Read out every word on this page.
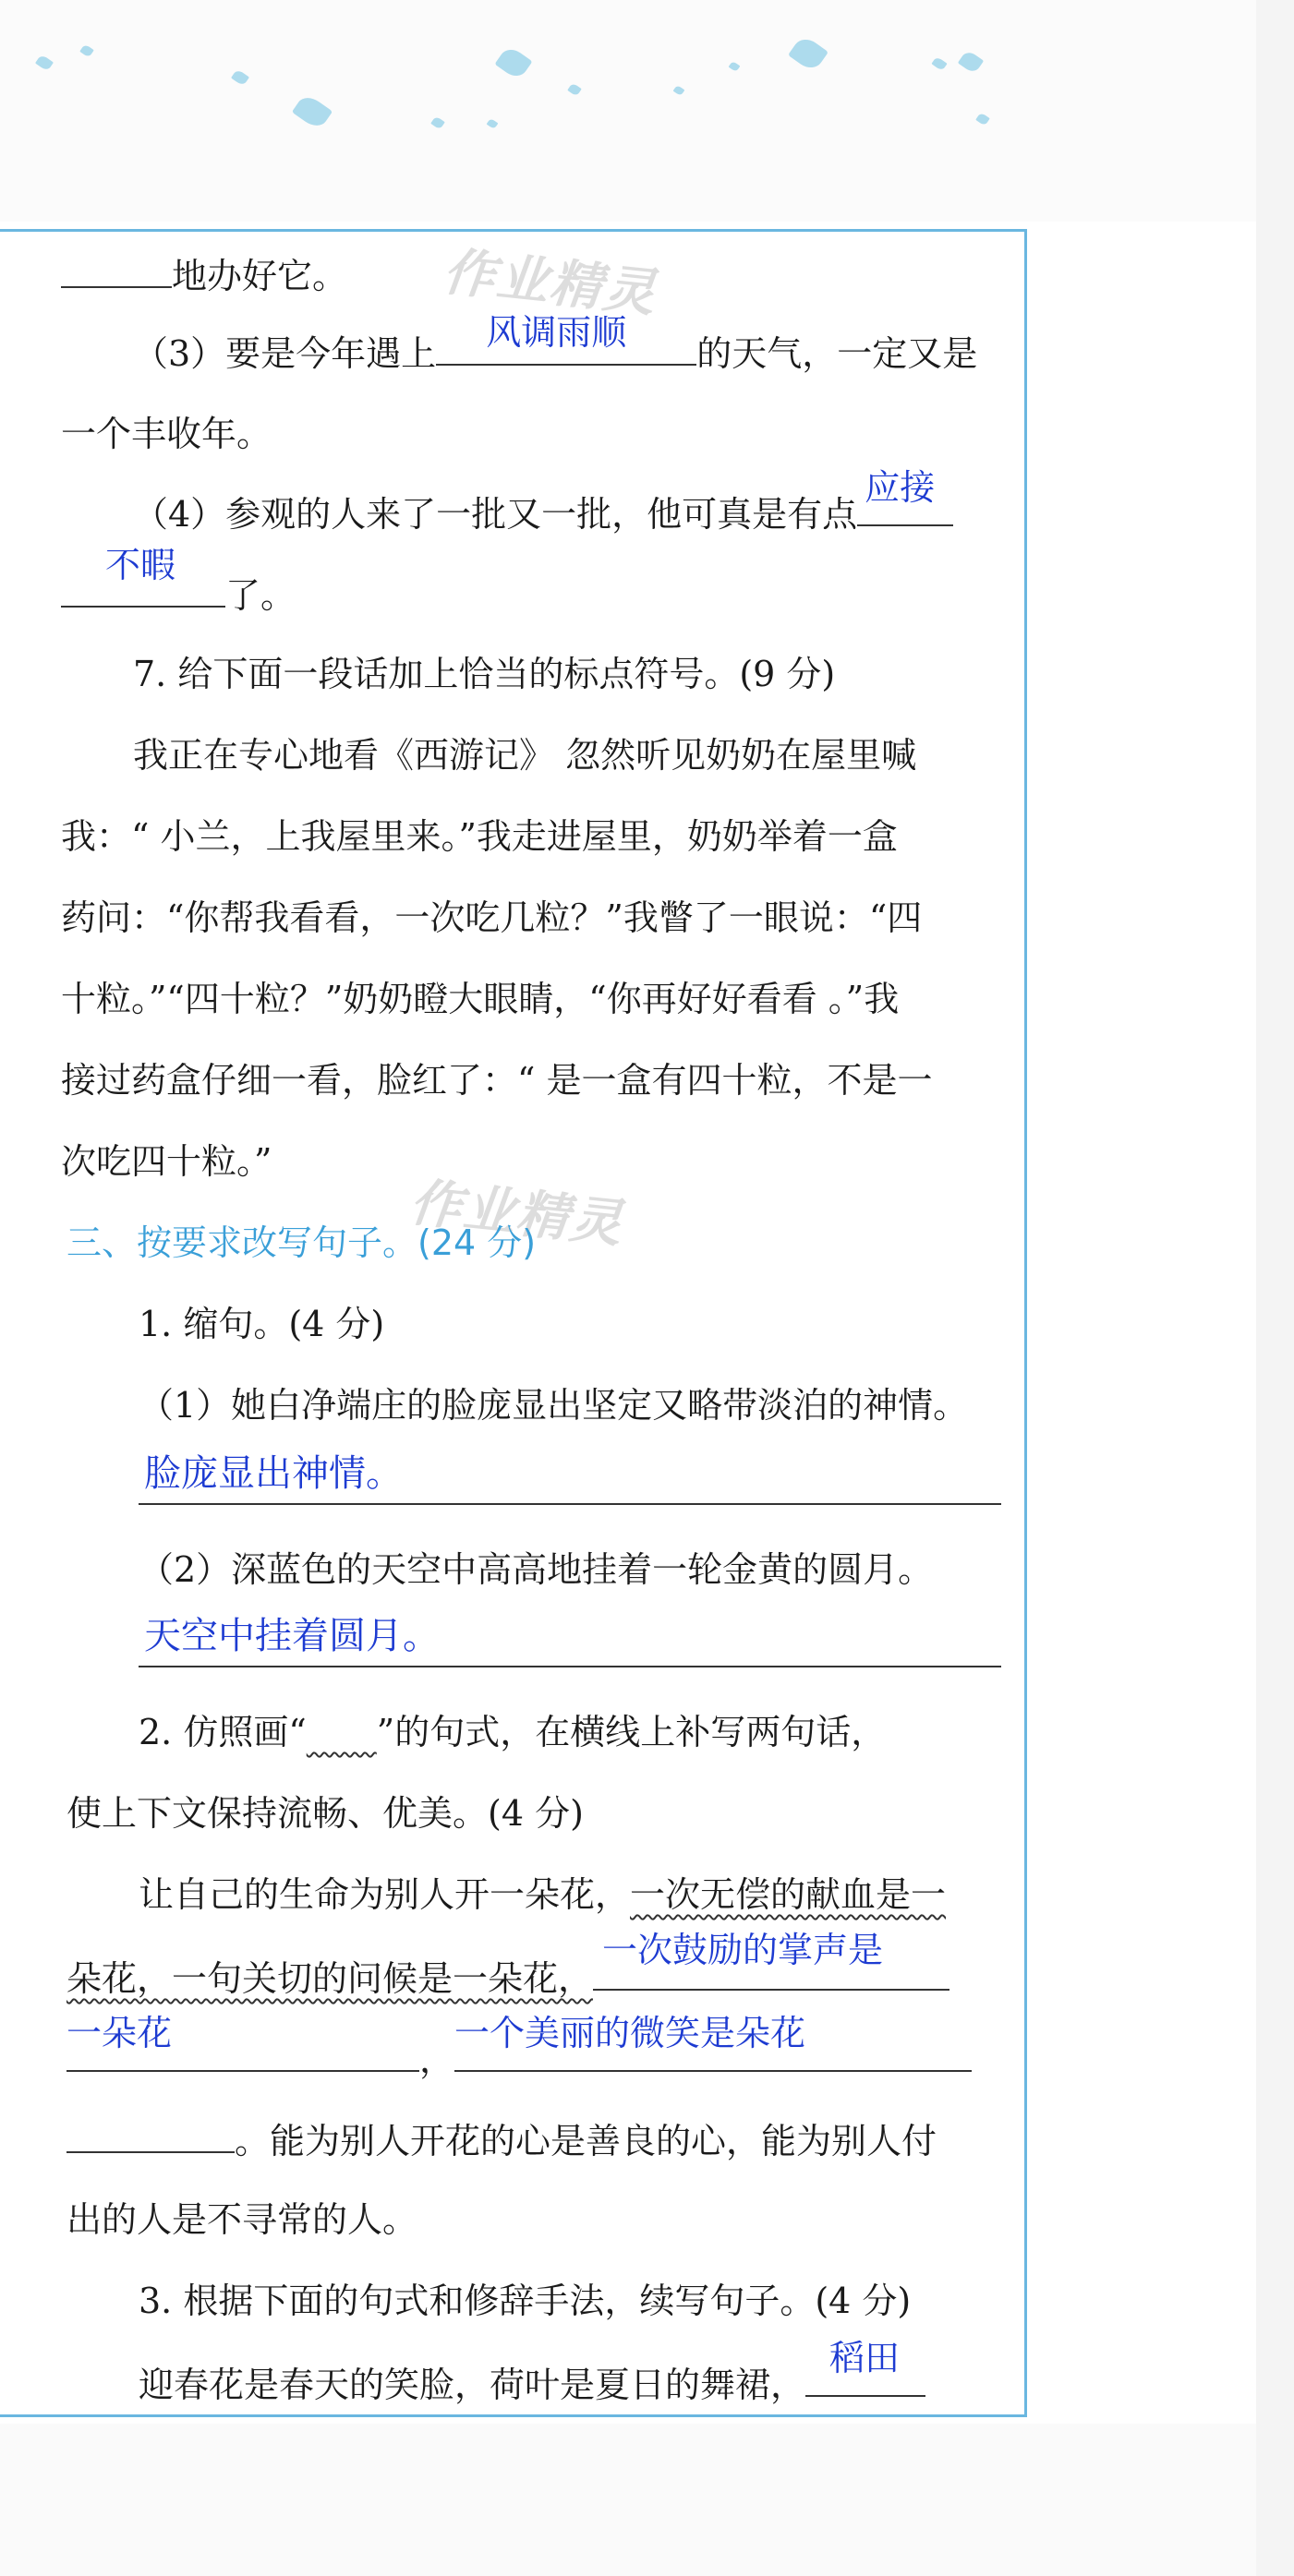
作业精灵
作业精灵
地办好它。
（3）要是今年遇上
风调雨顺
的天气，一定又是
一个丰收年。
（4）参观的人来了一批又一批，他可真是有点
应接
不暇
了。
7. 给下面一段话加上恰当的标点符号。(9 分)
我正在专心地看《西游记》 忽然听见奶奶在屋里喊
我：“ 小兰，上我屋里来。”我走进屋里，奶奶举着一盒
药问：“你帮我看看，一次吃几粒？”我瞥了一眼说：“四
十粒。”“四十粒？”奶奶瞪大眼睛，“你再好好看看 。”我
接过药盒仔细一看，脸红了：“ 是一盒有四十粒，不是一
次吃四十粒。”
三、按要求改写句子。(24 分)
1. 缩句。(4 分)
（1）她白净端庄的脸庞显出坚定又略带淡泊的神情。
脸庞显出神情。
（2）深蓝色的天空中高高地挂着一轮金黄的圆月。
天空中挂着圆月。
2. 仿照画“   ”的句式，在横线上补写两句话，
使上下文保持流畅、优美。(4 分)
让自己的生命为别人开一朵花，一次无偿的献血是一
朵花，一句关切的问候是一朵花，
一次鼓励的掌声是
一朵花
，
一个美丽的微笑是朵花
。能为别人开花的心是善良的心，能为别人付
出的人是不寻常的人。
3. 根据下面的句式和修辞手法，续写句子。(4 分)
迎春花是春天的笑脸，荷叶是夏日的舞裙，
稻田
